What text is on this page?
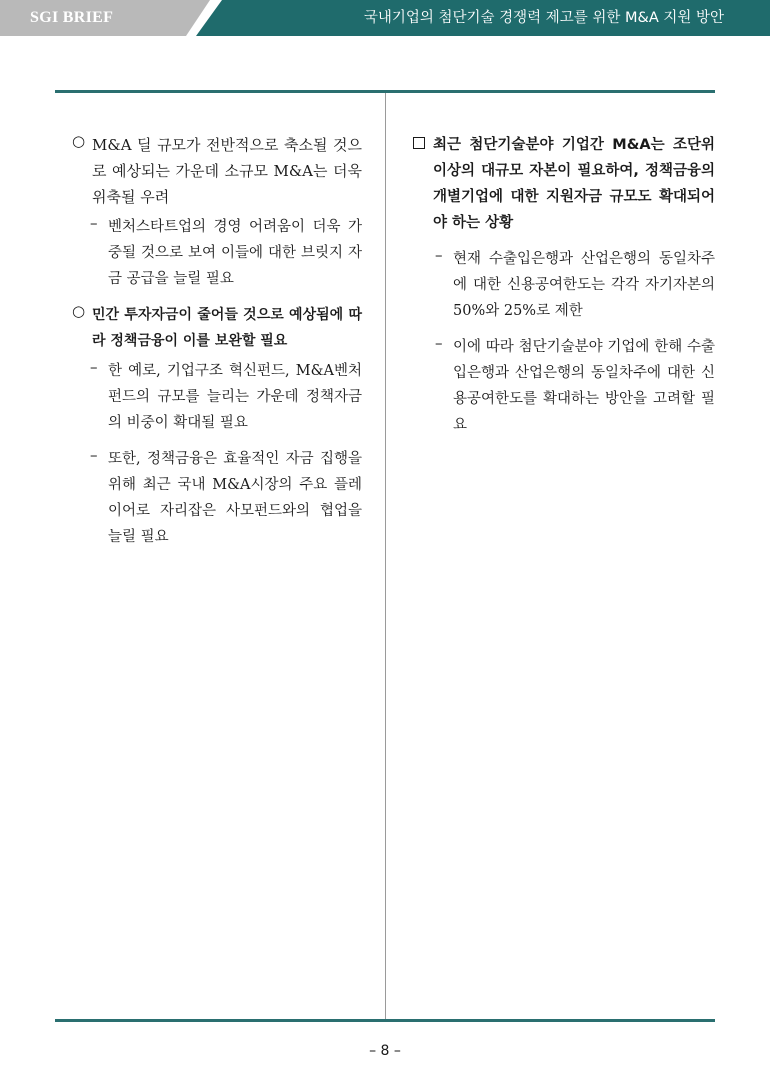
SGI BRIEF	국내기업의 첨단기술 경쟁력 제고를 위한 M&A 지원 방안
○ M&A 딜 규모가 전반적으로 축소될 것으로 예상되는 가운데 소규모 M&A는 더욱 위축될 우려
– 벤처스타트업의 경영 어려움이 더욱 가중될 것으로 보여 이들에 대한 브릿지 자금 공급을 늘릴 필요
○ 민간 투자자금이 줄어들 것으로 예상됨에 따라 정책금융이 이를 보완할 필요
– 한 예로, 기업구조 혁신펀드, M&A벤처펀드의 규모를 늘리는 가운데 정책자금의 비중이 확대될 필요
– 또한, 정책금융은 효율적인 자금 집행을 위해 최근 국내 M&A시장의 주요 플레이어로 자리잡은 사모펀드와의 협업을 늘릴 필요
최근 첨단기술분야 기업간 M&A는 조단위 이상의 대규모 자본이 필요하여, 정책금융의 개별기업에 대한 지원자금 규모도 확대되어야 하는 상황
– 현재 수출입은행과 산업은행의 동일차주에 대한 신용공여한도는 각각 자기자본의 50%와 25%로 제한
– 이에 따라 첨단기술분야 기업에 한해 수출입은행과 산업은행의 동일차주에 대한 신용공여한도를 확대하는 방안을 고려할 필요
– 8 –
